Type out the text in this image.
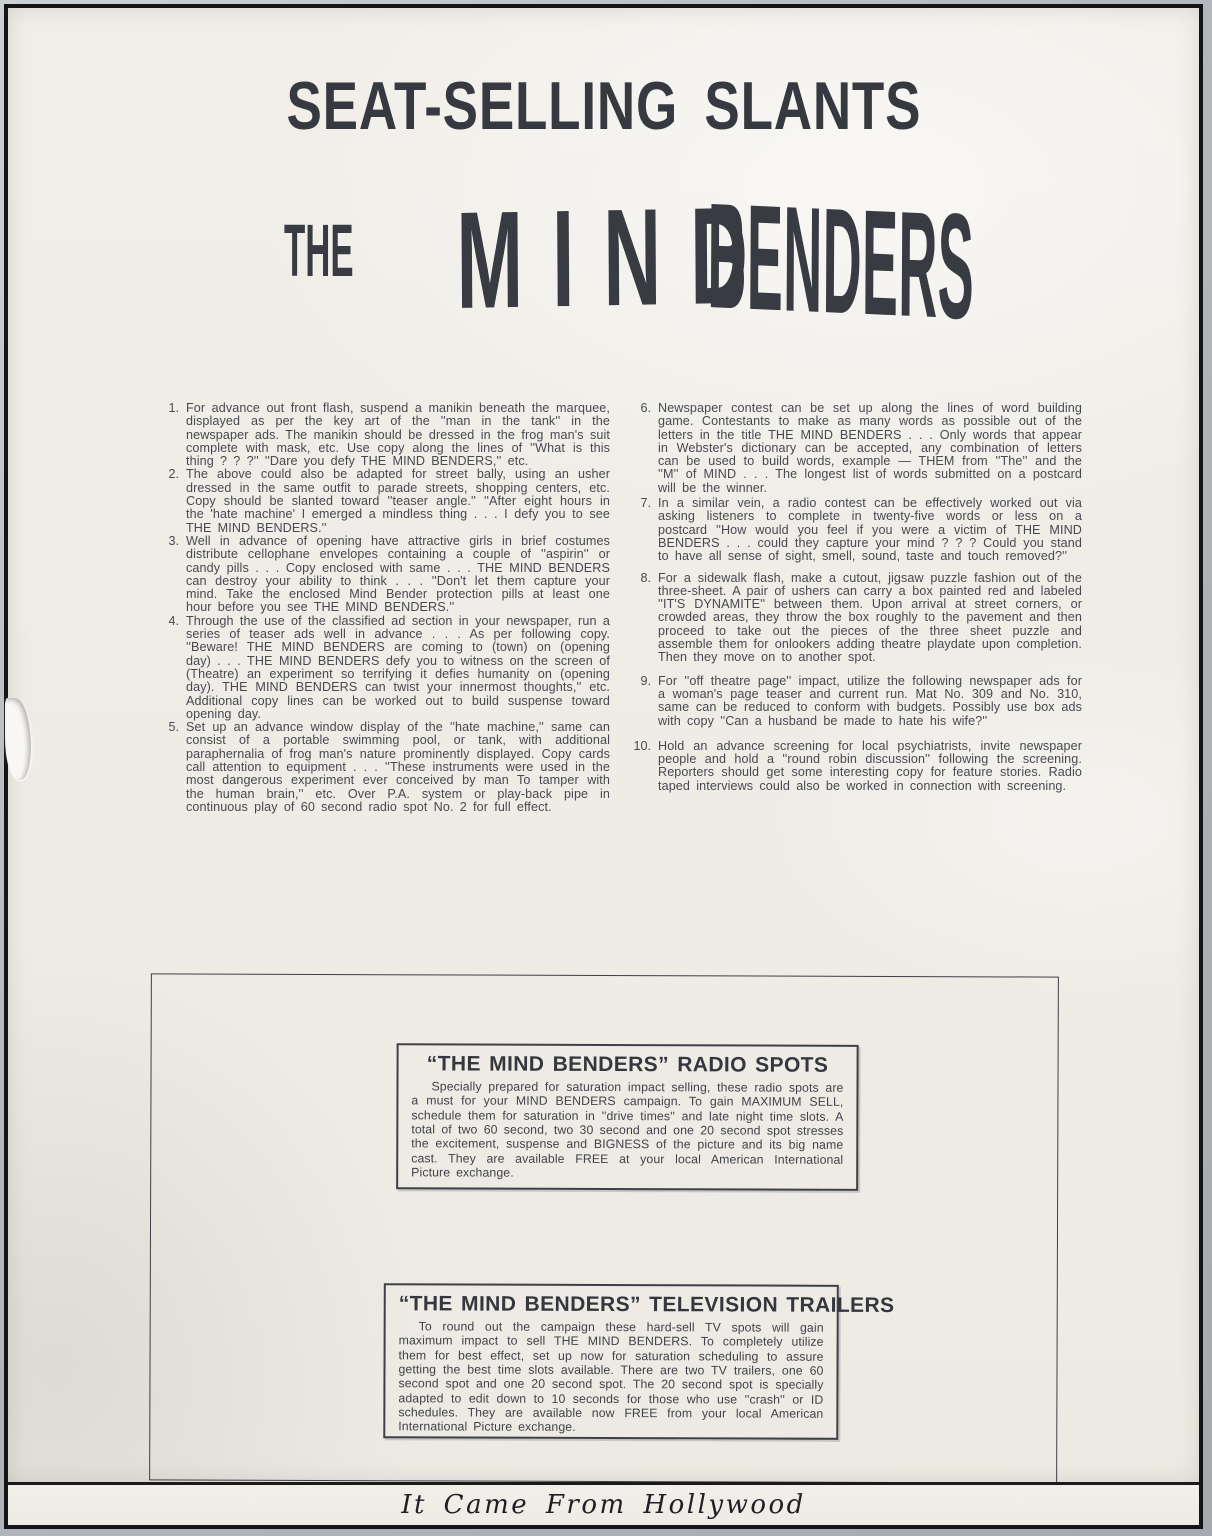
SEAT-SELLING SLANTS
THE MIND
BENDERS
1. For advance out front flash, suspend a manikin beneath the marquee, displayed as per the key art of the ''man in the tank'' in the newspaper ads. The manikin should be dressed in the frog man's suit complete with mask, etc. Use copy along the lines of ''What is this thing ? ? ?'' ''Dare you defy THE MIND BENDERS,'' etc.

2. The above could also be adapted for street bally, using an usher dressed in the same outfit to parade streets, shopping centers, etc. Copy should be slanted toward ''teaser angle.'' ''After eight hours in the 'hate machine' I emerged a mindless thing . . . I defy you to see THE MIND BENDERS.''

3. Well in advance of opening have attractive girls in brief costumes distribute cellophane envelopes containing a couple of ''aspirin'' or candy pills . . . Copy enclosed with same . . . THE MIND BENDERS can destroy your ability to think . . . ''Don't let them capture your mind. Take the enclosed Mind Bender protection pills at least one hour before you see THE MIND BENDERS.''

4. Through the use of the classified ad section in your newspaper, run a series of teaser ads well in advance . . . As per following copy. ''Beware! THE MIND BENDERS are coming to (town) on (opening day) . . . THE MIND BENDERS defy you to witness on the screen of (Theatre) an experiment so terrifying it defies humanity on (opening day). THE MIND BENDERS can twist your innermost thoughts,'' etc. Additional copy lines can be worked out to build suspense toward opening day.

5. Set up an advance window display of the ''hate machine,'' same can consist of a portable swimming pool, or tank, with additional paraphernalia of frog man's nature prominently displayed. Copy cards call attention to equipment . . . ''These instruments were used in the most dangerous experiment ever conceived by man To tamper with the human brain,'' etc. Over P.A. system or play-back pipe in continuous play of 60 second radio spot No. 2 for full effect.

6. Newspaper contest can be set up along the lines of word building game. Contestants to make as many words as possible out of the letters in the title THE MIND BENDERS . . . Only words that appear in Webster's dictionary can be accepted, any combination of letters can be used to build words, example — THEM from ''The'' and the ''M'' of MIND . . . The longest list of words submitted on a postcard will be the winner.

7. In a similar vein, a radio contest can be effectively worked out via asking listeners to complete in twenty-five words or less on a postcard ''How would you feel if you were a victim of THE MIND BENDERS . . . could they capture your mind ? ? ? Could you stand to have all sense of sight, smell, sound, taste and touch removed?''

8. For a sidewalk flash, make a cutout, jigsaw puzzle fashion out of the three-sheet. A pair of ushers can carry a box painted red and labeled ''IT'S DYNAMITE'' between them. Upon arrival at street corners, or crowded areas, they throw the box roughly to the pavement and then proceed to take out the pieces of the three sheet puzzle and assemble them for onlookers adding theatre playdate upon completion. Then they move on to another spot.

9. For ''off theatre page'' impact, utilize the following newspaper ads for a woman's page teaser and current run. Mat No. 309 and No. 310, same can be reduced to conform with budgets. Possibly use box ads with copy ''Can a husband be made to hate his wife?''

10. Hold an advance screening for local psychiatrists, invite newspaper people and hold a ''round robin discussion'' following the screening. Reporters should get some interesting copy for feature stories. Radio taped interviews could also be worked in connection with screening.

“THE MIND BENDERS” RADIO SPOTS

Specially prepared for saturation impact selling, these radio spots are a must for your MIND BENDERS campaign. To gain MAXIMUM SELL, schedule them for saturation in ''drive times'' and late night time slots. A total of two 60 second, two 30 second and one 20 second spot stresses the excitement, suspense and BIGNESS of the picture and its big name cast. They are available FREE at your local American International Picture exchange.

“THE MIND BENDERS” TELEVISION TRAILERS

To round out the campaign these hard-sell TV spots will gain maximum impact to sell THE MIND BENDERS. To completely utilize them for best effect, set up now for saturation scheduling to assure getting the best time slots available. There are two TV trailers, one 60 second spot and one 20 second spot. The 20 second spot is specially adapted to edit down to 10 seconds for those who use ''crash'' or ID schedules. They are available now FREE from your local American International Picture exchange.

It Came From Hollywood
